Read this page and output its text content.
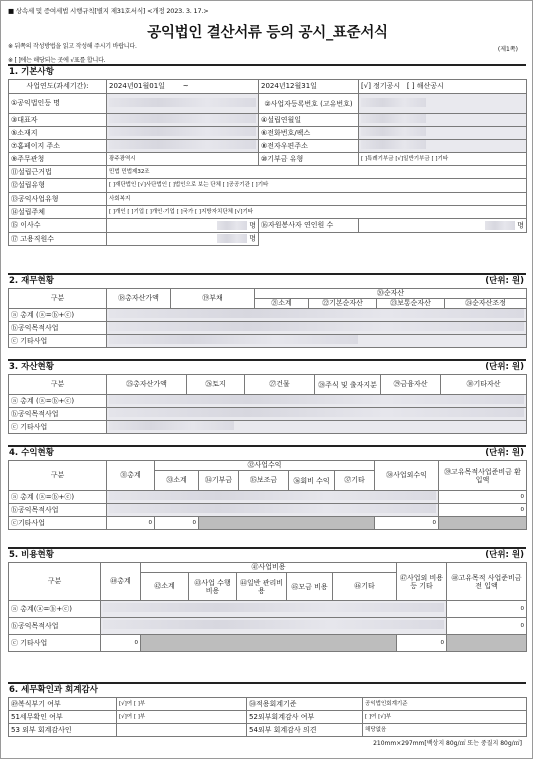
■ 상속세 및 증여세법 시행규칙[별지 제31호서식] <개정 2023. 3. 17.>
공익법인 결산서류 등의 공시_표준서식
※ 뒤쪽의 작성방법을 읽고 작성해 주시기 바랍니다.	(제1쪽)
※ [ ]에는 해당되는 곳에 √표를 합니다.
1. 기본사항
사업연도(과세기간):	2024년01월01일 ~	2024년12월31일	[√] 정기공시 [ ] 해산공시
①공익법인등 명		②사업자등록번호 (고유번호)	
③대표자		④설립연월일	
⑤소재지		⑥전화번호/팩스	
⑦홈페이지 주소		⑧전자우편주소	
⑨주무관청	광주광역시	⑩기부금 유형	[ ]특례기부금 [√]일반기부금 [ ]기타
⑪설립근거법	민법 민법제32조		
⑫설립유형	[ ]재단법인 [√]사단법인 [ ]법인으로 보는 단체 [ ]공공기관 [ ]기타		
⑬공익사업유형	사회복지		
⑭설립주체	[ ]개인 [ ]기업 [ ]개인·기업 [ ]국가 [ ]지방자치단체 [√]기타		
⑮ 이사수	명	⑯자원봉사자 연인원 수	명
⑰ 고용직원수	명		
2. 재무현황	(단위: 원)
구분	⑱총자산가액	⑲부채	⑳순자산			
			㉑소계	㉒기본순자산	㉓보통순자산	㉔순자산조정
ⓐ 총계 (ⓐ=ⓑ+ⓒ)						
ⓑ공익목적사업						
ⓒ 기타사업						
3. 자산현황	(단위: 원)
구분	㉕총자산가액	㉖토지	㉗건물	㉘주식 및 출자지분	㉙금융자산	㉚기타자산
ⓐ 총계 (ⓐ=ⓑ+ⓒ)						
ⓑ공익목적사업						
ⓒ 기타사업						
4. 수익현황	(단위: 원)
구분	㉛총계	㉜사업수익					㊳사업외수익	㊴고유목적사업준비금 환입액
		㉝소계	㉞기부금	㉟보조금	㊱회비 수익	㊲기타		
ⓐ 총계 (ⓐ=ⓑ+ⓒ)								0
ⓑ공익목적사업								0
ⓒ기타사업	0	0					0	
5. 비용현황	(단위: 원)
구분	㊵총계	㊶사업비용					㊼사업외 비용 등 기타	㊽고유목적 사업준비금전 입액
		㊷소계	㊸사업 수행비용	㊹일반 관리비용	㊺모금 비용	㊻기타		
ⓐ 총계(ⓐ=ⓑ+ⓒ)								0
ⓑ공익목적사업								0
ⓒ 기타사업	0						0	
6. 세무확인과 회계감사
㊾복식부기 여부	[√]여 [ ]부	㊿적용회계기준	공익법인회계기준
51세무확인 여부	[√]여 [ ]부	52외부회계감사 여부	[ ]여 [√]부
53 외부 회계감사인		54외부 회계감사 의견	해당없음
210mm×297mm[백상지 80g/㎡ 또는 중질지 80g/㎡]
